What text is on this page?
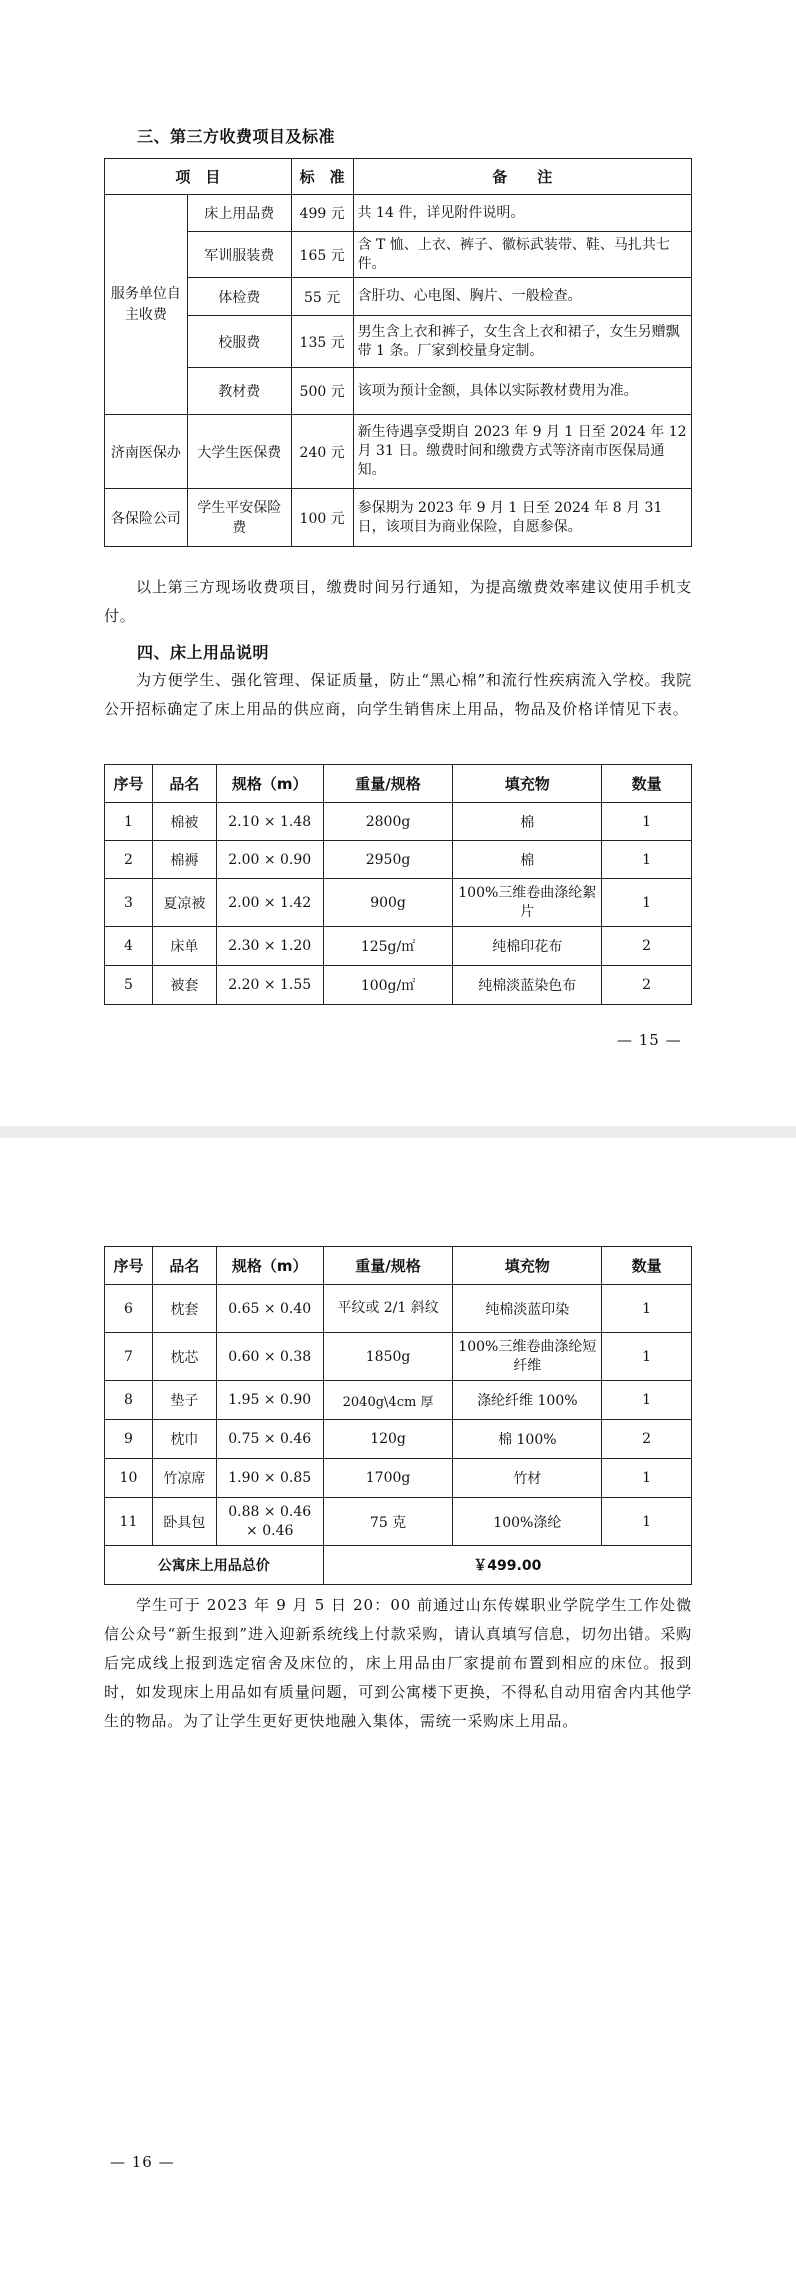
三、第三方收费项目及标准
项　目		标　准	备　　注
服务单位自主收费	床上用品费	499 元	共 14 件，详见附件说明。
	军训服装费	165 元	含 T 恤、上衣、裤子、徽标武装带、鞋、马扎共七件。
	体检费	55 元	含肝功、心电图、胸片、一般检查。
	校服费	135 元	男生含上衣和裤子，女生含上衣和裙子，女生另赠飘带 1 条。厂家到校量身定制。
	教材费	500 元	该项为预计金额，具体以实际教材费用为准。
济南医保办	大学生医保费	240 元	新生待遇享受期自 2023 年 9 月 1 日至 2024 年 12 月 31 日。缴费时间和缴费方式等济南市医保局通知。
各保险公司	学生平安保险费	100 元	参保期为 2023 年 9 月 1 日至 2024 年 8 月 31 日，该项目为商业保险，自愿参保。

以上第三方现场收费项目，缴费时间另行通知，为提高缴费效率建议使用手机支付。

四、床上用品说明

为方便学生、强化管理、保证质量，防止“黑心棉”和流行性疾病流入学校。我院公开招标确定了床上用品的供应商，向学生销售床上用品，物品及价格详情见下表。

序号	品名	规格（m）	重量/规格	填充物	数量
1	棉被	2.10 × 1.48	2800g	棉	1
2	棉褥	2.00 × 0.90	2950g	棉	1
3	夏凉被	2.00 × 1.42	900g	100%三维卷曲涤纶絮片	1
4	床单	2.30 × 1.20	125g/㎡	纯棉印花布	2
5	被套	2.20 × 1.55	100g/㎡	纯棉淡蓝染色布	2
— 15 —
序号	品名	规格（m）	重量/规格	填充物	数量
6	枕套	0.65 × 0.40	平纹或 2/1 斜纹	纯棉淡蓝印染	1
7	枕芯	0.60 × 0.38	1850g	100%三维卷曲涤纶短纤维	1
8	垫子	1.95 × 0.90	2040g\4cm 厚	涤纶纤维 100%	1
9	枕巾	0.75 × 0.46	120g	棉 100%	2
10	竹凉席	1.90 × 0.85	1700g	竹材	1
11	卧具包	0.88 × 0.46 × 0.46	75 克	100%涤纶	1
公寓床上用品总价			￥499.00		

学生可于 2023 年 9 月 5 日 20：00 前通过山东传媒职业学院学生工作处微信公众号“新生报到”进入迎新系统线上付款采购，请认真填写信息，切勿出错。采购后完成线上报到选定宿舍及床位的，床上用品由厂家提前布置到相应的床位。报到时，如发现床上用品如有质量问题，可到公寓楼下更换，不得私自动用宿舍内其他学生的物品。为了让学生更好更快地融入集体，需统一采购床上用品。

— 16 —
